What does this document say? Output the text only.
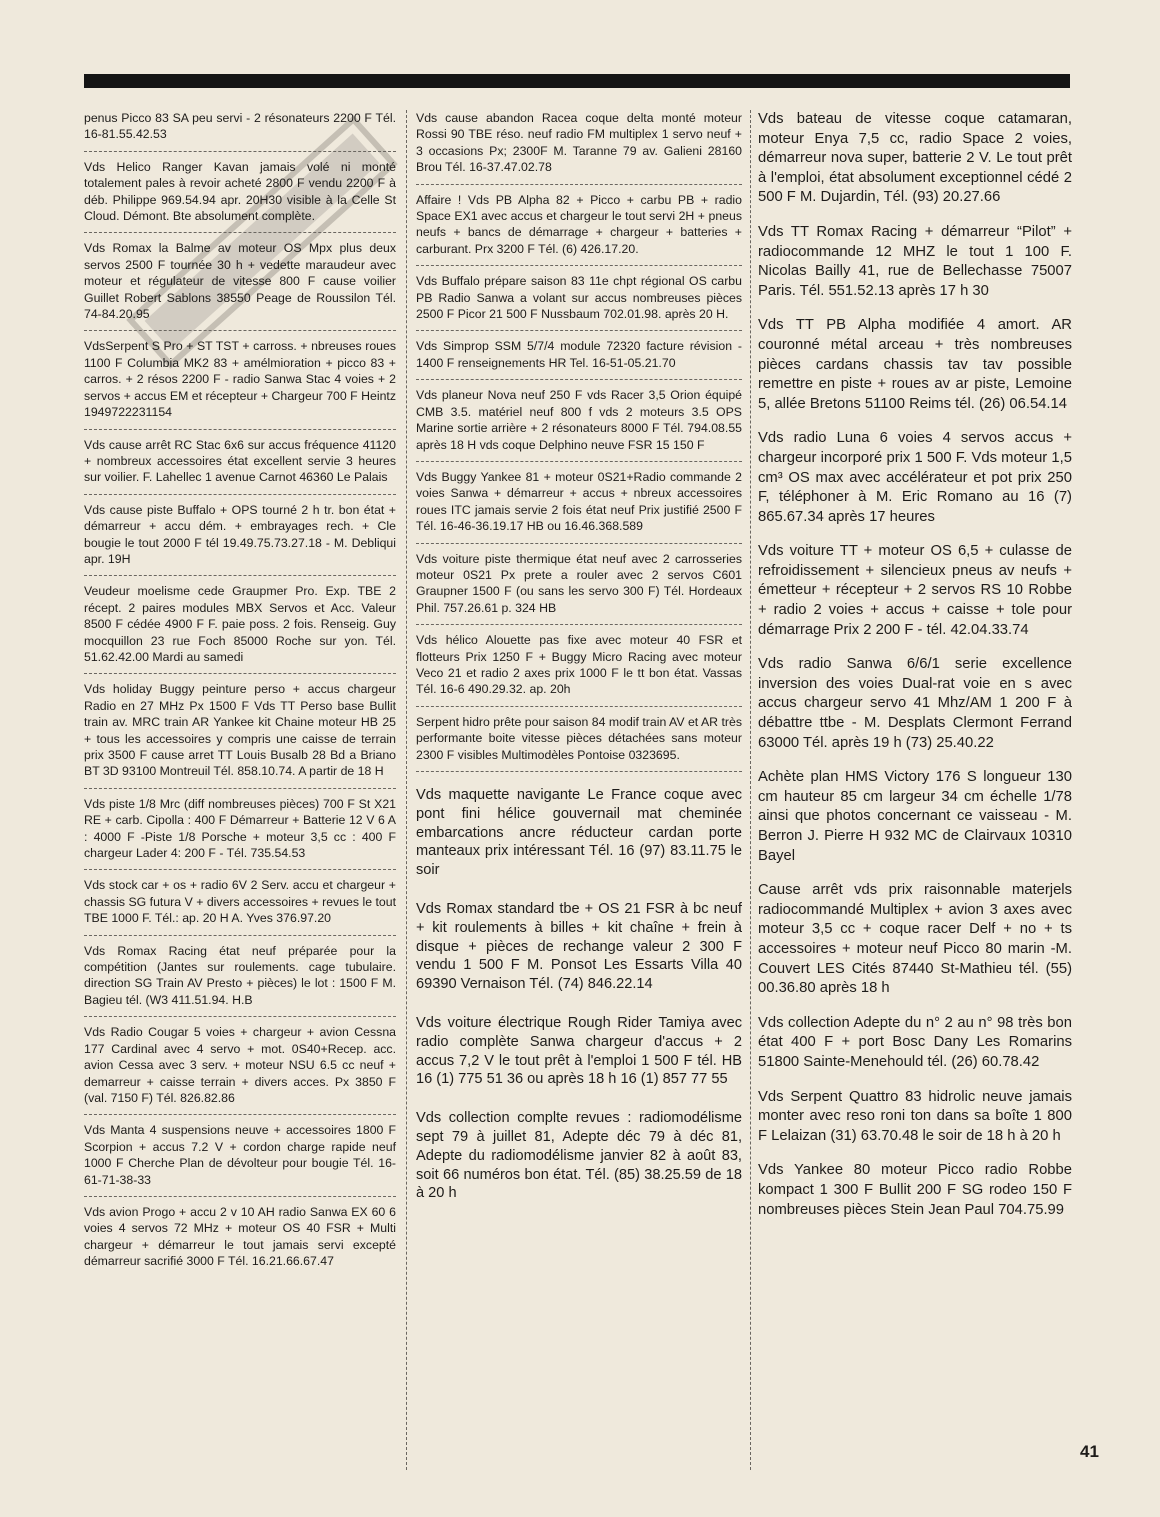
penus Picco 83 SA peu servi - 2 résonateurs 2200 F Tél. 16-81.55.42.53

Vds Helico Ranger Kavan jamais volé ni monté totalement pales à revoir acheté 2800 F vendu 2200 F à déb. Philippe 969.54.94 apr. 20H30 visible à la Celle St Cloud. Démont. Bte absolument complète.

Vds Romax la Balme av moteur OS Mpx plus deux servos 2500 F tournée 30 h + vedette maraudeur avec moteur et régulateur de vitesse 800 F cause voilier Guillet Robert Sablons 38550 Peage de Roussilon Tél. 74-84.20.95

VdsSerpent S Pro + ST TST + carross. + nbreuses roues 1100 F Columbia MK2 83 + amélmioration + picco 83 + carros. + 2 résos 2200 F - radio Sanwa Stac 4 voies + 2 servos + accus EM et récepteur + Chargeur 700 F Heintz 1949722231154

Vds cause arrêt RC Stac 6x6 sur accus fréquence 41120 + nombreux accessoires état excellent servie 3 heures sur voilier. F. Lahellec 1 avenue Carnot 46360 Le Palais

Vds cause piste Buffalo + OPS tourné 2 h tr. bon état + démarreur + accu dém. + embrayages rech. + Cle bougie le tout 2000 F tél 19.49.75.73.27.18 - M. Debliqui apr. 19H

Veudeur moelisme cede Graupmer Pro. Exp. TBE 2 récept. 2 paires modules MBX Servos et Acc. Valeur 8500 F cédée 4900 F F. paie poss. 2 fois. Renseig. Guy mocquillon 23 rue Foch 85000 Roche sur yon. Tél. 51.62.42.00 Mardi au samedi

Vds holiday Buggy peinture perso + accus chargeur Radio en 27 MHz Px 1500 F Vds TT Perso base Bullit train av. MRC train AR Yankee kit Chaine moteur HB 25 + tous les accessoires y compris une caisse de terrain prix 3500 F cause arret TT Louis Busalb 28 Bd a Briano BT 3D 93100 Montreuil Tél. 858.10.74. A partir de 18 H

Vds piste 1/8 Mrc (diff nombreuses pièces) 700 F St X21 RE + carb. Cipolla : 400 F Démarreur + Batterie 12 V 6 A : 4000 F -Piste 1/8 Porsche + moteur 3,5 cc : 400 F chargeur Lader 4: 200 F - Tél. 735.54.53

Vds stock car + os + radio 6V 2 Serv. accu et chargeur + chassis SG futura V + divers accessoires + revues le tout TBE 1000 F. Tél.: ap. 20 H A. Yves 376.97.20

Vds Romax Racing état neuf préparée pour la compétition (Jantes sur roulements. cage tubulaire. direction SG Train AV Presto + pièces) le lot : 1500 F M. Bagieu tél. (W3 411.51.94. H.B

Vds Radio Cougar 5 voies + chargeur + avion Cessna 177 Cardinal avec 4 servo + mot. 0S40+Recep. acc. avion Cessa avec 3 serv. + moteur NSU 6.5 cc neuf + demarreur + caisse terrain + divers acces. Px 3850 F (val. 7150 F) Tél. 826.82.86

Vds Manta 4 suspensions neuve + accessoires 1800 F Scorpion + accus 7.2 V + cordon charge rapide neuf 1000 F Cherche Plan de dévolteur pour bougie Tél. 16-61-71-38-33

Vds avion Progo + accu 2 v 10 AH radio Sanwa EX 60 6 voies 4 servos 72 MHz + moteur OS 40 FSR + Multi chargeur + démarreur le tout jamais servi excepté démarreur sacrifié 3000 F Tél. 16.21.66.67.47

Vds cause abandon Racea coque delta monté moteur Rossi 90 TBE réso. neuf radio FM multiplex 1 servo neuf + 3 occasions Px; 2300F M. Taranne 79 av. Galieni 28160 Brou Tél. 16-37.47.02.78

Affaire ! Vds PB Alpha 82 + Picco + carbu PB + radio Space EX1 avec accus et chargeur le tout servi 2H + pneus neufs + bancs de démarrage + chargeur + batteries + carburant. Prx 3200 F Tél. (6) 426.17.20.

Vds Buffalo prépare saison 83 11e chpt régional OS carbu PB Radio Sanwa a volant sur accus nombreuses pièces 2500 F Picor 21 500 F Nussbaum 702.01.98. après 20 H.

Vds Simprop SSM 5/7/4 module 72320 facture révision - 1400 F renseignements HR Tel. 16-51-05.21.70

Vds planeur Nova neuf 250 F vds Racer 3,5 Orion équipé CMB 3.5. matériel neuf 800 f vds 2 moteurs 3.5 OPS Marine sortie arrière + 2 résonateurs 8000 F Tél. 794.08.55 après 18 H vds coque Delphino neuve FSR 15 150 F

Vds Buggy Yankee 81 + moteur 0S21+Radio commande 2 voies Sanwa + démarreur + accus + nbreux accessoires roues ITC jamais servie 2 fois état neuf Prix justifié 2500 F Tél. 16-46-36.19.17 HB ou 16.46.368.589

Vds voiture piste thermique état neuf avec 2 carrosseries moteur 0S21 Px prete a rouler avec 2 servos C601 Graupner 1500 F (ou sans les servo 300 F) Tél. Hordeaux Phil. 757.26.61 p. 324 HB

Vds hélico Alouette pas fixe avec moteur 40 FSR et flotteurs Prix 1250 F + Buggy Micro Racing avec moteur Veco 21 et radio 2 axes prix 1000 F le tt bon état. Vassas Tél. 16-6 490.29.32. ap. 20h

Serpent hidro prête pour saison 84 modif train AV et AR très performante boite vitesse pièces détachées sans moteur 2300 F visibles Multimodèles Pontoise 0323695.

Vds maquette navigante Le France coque avec pont fini hélice gouvernail mat cheminée embarcations ancre réducteur cardan porte manteaux prix intéressant Tél. 16 (97) 83.11.75 le soir

Vds Romax standard tbe + OS 21 FSR à bc neuf + kit roulements à billes + kit chaîne + frein à disque + pièces de rechange valeur 2 300 F vendu 1 500 F M. Ponsot Les Essarts Villa 40 69390 Vernaison Tél. (74) 846.22.14

Vds voiture électrique Rough Rider Tamiya avec radio complète Sanwa chargeur d'accus + 2 accus 7,2 V le tout prêt à l'emploi 1 500 F tél. HB 16 (1) 775 51 36 ou après 18 h 16 (1) 857 77 55

Vds collection complte revues : radiomodélisme sept 79 à juillet 81, Adepte déc 79 à déc 81, Adepte du radiomodélisme janvier 82 à août 83, soit 66 numéros bon état. Tél. (85) 38.25.59 de 18 à 20 h

Vds bateau de vitesse coque catamaran, moteur Enya 7,5 cc, radio Space 2 voies, démarreur nova super, batterie 2 V. Le tout prêt à l'emploi, état absolument exceptionnel cédé 2 500 F M. Dujardin, Tél. (93) 20.27.66

Vds TT Romax Racing + démarreur “Pilot” + radiocommande 12 MHZ le tout 1 100 F. Nicolas Bailly 41, rue de Bellechasse 75007 Paris. Tél. 551.52.13 après 17 h 30

Vds TT PB Alpha modifiée 4 amort. AR couronné métal arceau + très nombreuses pièces cardans chassis tav tav possible remettre en piste + roues av ar piste, Lemoine 5, allée Bretons 51100 Reims tél. (26) 06.54.14

Vds radio Luna 6 voies 4 servos accus + chargeur incorporé prix 1 500 F. Vds moteur 1,5 cm³ OS max avec accélérateur et pot prix 250 F, téléphoner à M. Eric Romano au 16 (7) 865.67.34 après 17 heures

Vds voiture TT + moteur OS 6,5 + culasse de refroidissement + silencieux pneus av neufs + émetteur + récepteur + 2 servos RS 10 Robbe + radio 2 voies + accus + caisse + tole pour démarrage Prix 2 200 F - tél. 42.04.33.74

Vds radio Sanwa 6/6/1 serie excellence inversion des voies Dual-rat voie en s avec accus chargeur servo 41 Mhz/AM 1 200 F à débattre ttbe - M. Desplats Clermont Ferrand 63000 Tél. après 19 h (73) 25.40.22

Achète plan HMS Victory 176 S longueur 130 cm hauteur 85 cm largeur 34 cm échelle 1/78 ainsi que photos concernant ce vaisseau - M. Berron J. Pierre H 932 MC de Clairvaux 10310 Bayel

Cause arrêt vds prix raisonnable materjels radiocommandé Multiplex + avion 3 axes avec moteur 3,5 cc + coque racer Delf + no + ts accessoires + moteur neuf Picco 80 marin -M. Couvert LES Cités 87440 St-Mathieu tél. (55) 00.36.80 après 18 h

Vds collection Adepte du n° 2 au n° 98 très bon état 400 F + port Bosc Dany Les Romarins 51800 Sainte-Menehould tél. (26) 60.78.42

Vds Serpent Quattro 83 hidrolic neuve jamais monter avec reso roni ton dans sa boîte 1 800 F Lelaizan (31) 63.70.48 le soir de 18 h à 20 h

Vds Yankee 80 moteur Picco radio Robbe kompact 1 300 F Bullit 200 F SG rodeo 150 F nombreuses pièces Stein Jean Paul 704.75.99

41
